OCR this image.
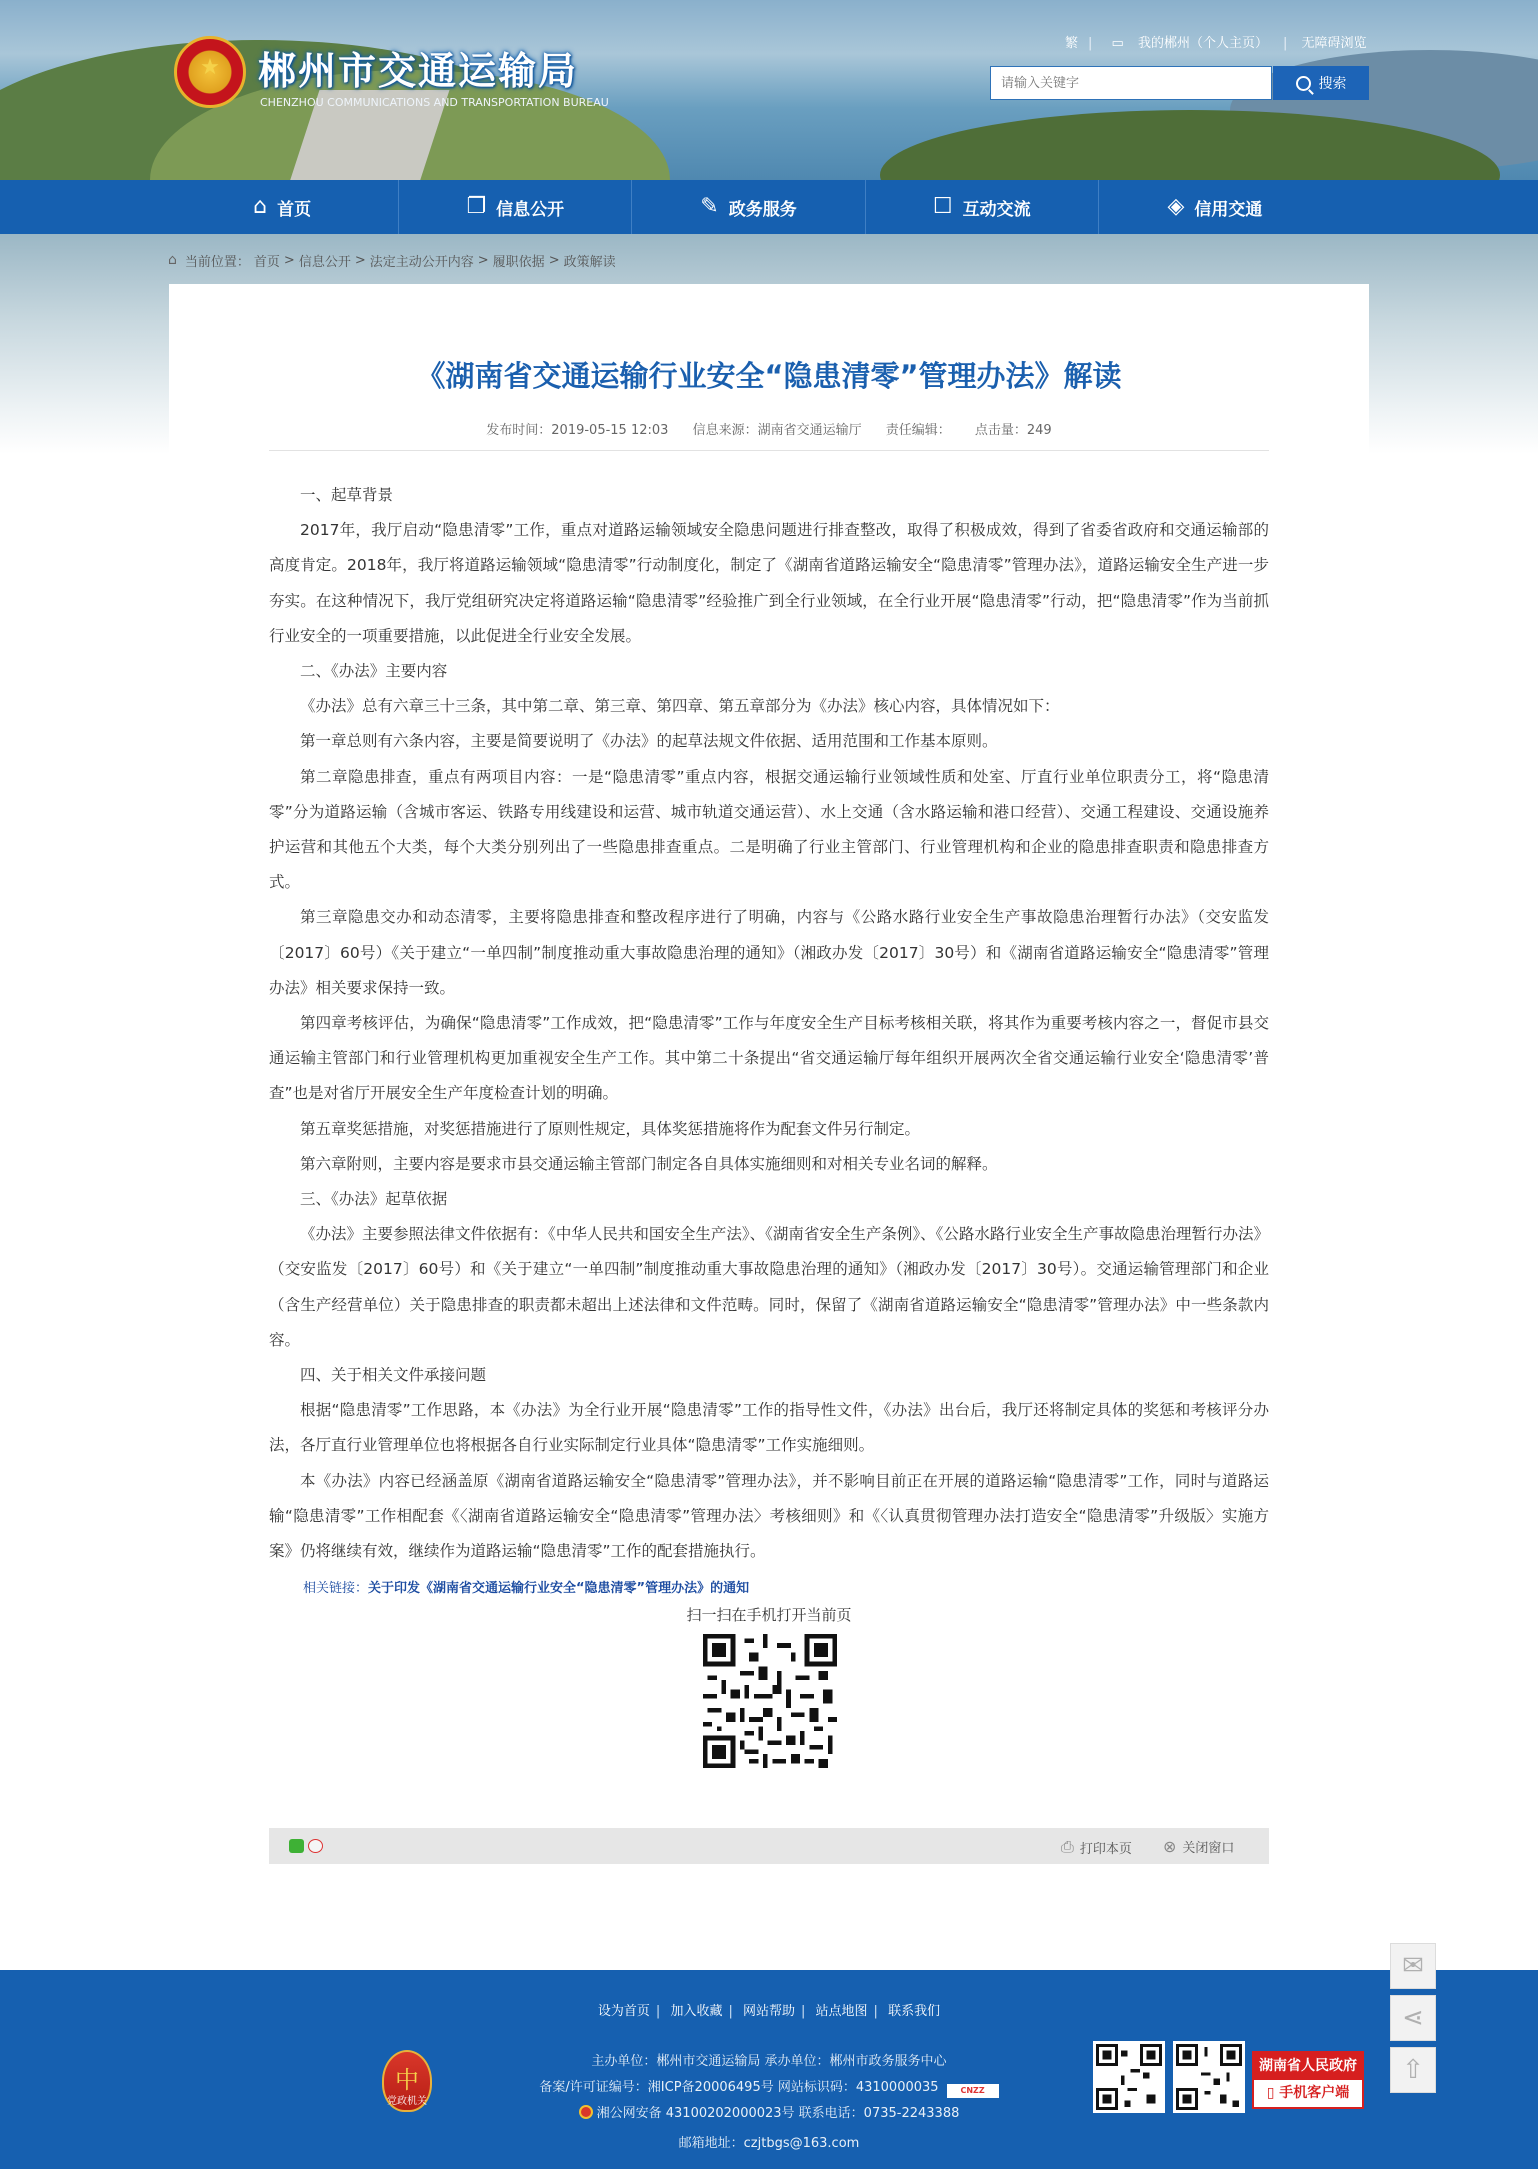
★	郴州市交通运输局
CHENZHOU COMMUNICATIONS AND TRANSPORTATION BUREAU
繁 | ▭ 我的郴州（个人主页） | 无障碍浏览
请输入关键字
搜索
⌂ 首页	❐ 信息公开	✎ 政务服务	☐ 互动交流	◈ 信用交通
⌂ 当前位置： 首页 > 信息公开 > 法定主动公开内容 > 履职依据 > 政策解读
《湖南省交通运输行业安全“隐患清零”管理办法》解读
发布时间：2019-05-15 12:03 信息来源：湖南省交通运输厅 责任编辑： 点击量：249

一、起草背景

2017年，我厅启动“隐患清零”工作，重点对道路运输领域安全隐患问题进行排查整改，取得了积极成效，得到了省委省政府和交通运输部的高度肯定。2018年，我厅将道路运输领域“隐患清零”行动制度化，制定了《湖南省道路运输安全“隐患清零”管理办法》，道路运输安全生产进一步夯实。在这种情况下，我厅党组研究决定将道路运输“隐患清零”经验推广到全行业领域，在全行业开展“隐患清零”行动，把“隐患清零”作为当前抓行业安全的一项重要措施，以此促进全行业安全发展。

二、《办法》主要内容

《办法》总有六章三十三条，其中第二章、第三章、第四章、第五章部分为《办法》核心内容，具体情况如下：

第一章总则有六条内容，主要是简要说明了《办法》的起草法规文件依据、适用范围和工作基本原则。

第二章隐患排查，重点有两项目内容：一是“隐患清零”重点内容，根据交通运输行业领域性质和处室、厅直行业单位职责分工，将“隐患清零”分为道路运输（含城市客运、铁路专用线建设和运营、城市轨道交通运营）、水上交通（含水路运输和港口经营）、交通工程建设、交通设施养护运营和其他五个大类，每个大类分别列出了一些隐患排查重点。二是明确了行业主管部门、行业管理机构和企业的隐患排查职责和隐患排查方式。

第三章隐患交办和动态清零，主要将隐患排查和整改程序进行了明确，内容与《公路水路行业安全生产事故隐患治理暂行办法》（交安监发〔2017〕60号）《关于建立“一单四制”制度推动重大事故隐患治理的通知》（湘政办发〔2017〕30号）和《湖南省道路运输安全“隐患清零”管理办法》相关要求保持一致。

第四章考核评估，为确保“隐患清零”工作成效，把“隐患清零”工作与年度安全生产目标考核相关联，将其作为重要考核内容之一，督促市县交通运输主管部门和行业管理机构更加重视安全生产工作。其中第二十条提出“省交通运输厅每年组织开展两次全省交通运输行业安全‘隐患清零’普查”也是对省厅开展安全生产年度检查计划的明确。

第五章奖惩措施，对奖惩措施进行了原则性规定，具体奖惩措施将作为配套文件另行制定。

第六章附则，主要内容是要求市县交通运输主管部门制定各自具体实施细则和对相关专业名词的解释。

三、《办法》起草依据

《办法》主要参照法律文件依据有：《中华人民共和国安全生产法》、《湖南省安全生产条例》、《公路水路行业安全生产事故隐患治理暂行办法》（交安监发〔2017〕60号）和《关于建立“一单四制”制度推动重大事故隐患治理的通知》（湘政办发〔2017〕30号）。交通运输管理部门和企业（含生产经营单位）关于隐患排查的职责都未超出上述法律和文件范畴。同时，保留了《湖南省道路运输安全“隐患清零”管理办法》中一些条款内容。

四、关于相关文件承接问题

根据“隐患清零”工作思路，本《办法》为全行业开展“隐患清零”工作的指导性文件，《办法》出台后，我厅还将制定具体的奖惩和考核评分办法，各厅直行业管理单位也将根据各自行业实际制定行业具体“隐患清零”工作实施细则。

本《办法》内容已经涵盖原《湖南省道路运输安全“隐患清零”管理办法》，并不影响目前正在开展的道路运输“隐患清零”工作，同时与道路运输“隐患清零”工作相配套《〈湖南省道路运输安全“隐患清零”管理办法〉考核细则》和《〈认真贯彻管理办法打造安全“隐患清零”升级版〉实施方案》仍将继续有效，继续作为道路运输“隐患清零”工作的配套措施执行。

相关链接：关于印发《湖南省交通运输行业安全“隐患清零”管理办法》的通知
扫一扫在手机打开当前页
⎙ 打印本页 ⊗ 关闭窗口
设为首页 | 加入收藏 | 网站帮助 | 站点地图 | 联系我们
中
党政机关
主办单位：郴州市交通运输局 承办单位：郴州市政务服务中心
备案/许可证编号：湘ICP备20006495号 网站标识码：4310000035	CNZZ
湘公网安备 43100202000023号 联系电话：0735-2243388
邮箱地址：czjtbgs@163.com
湖南省人民政府
▯ 手机客户端
✉
⋖
⇧
